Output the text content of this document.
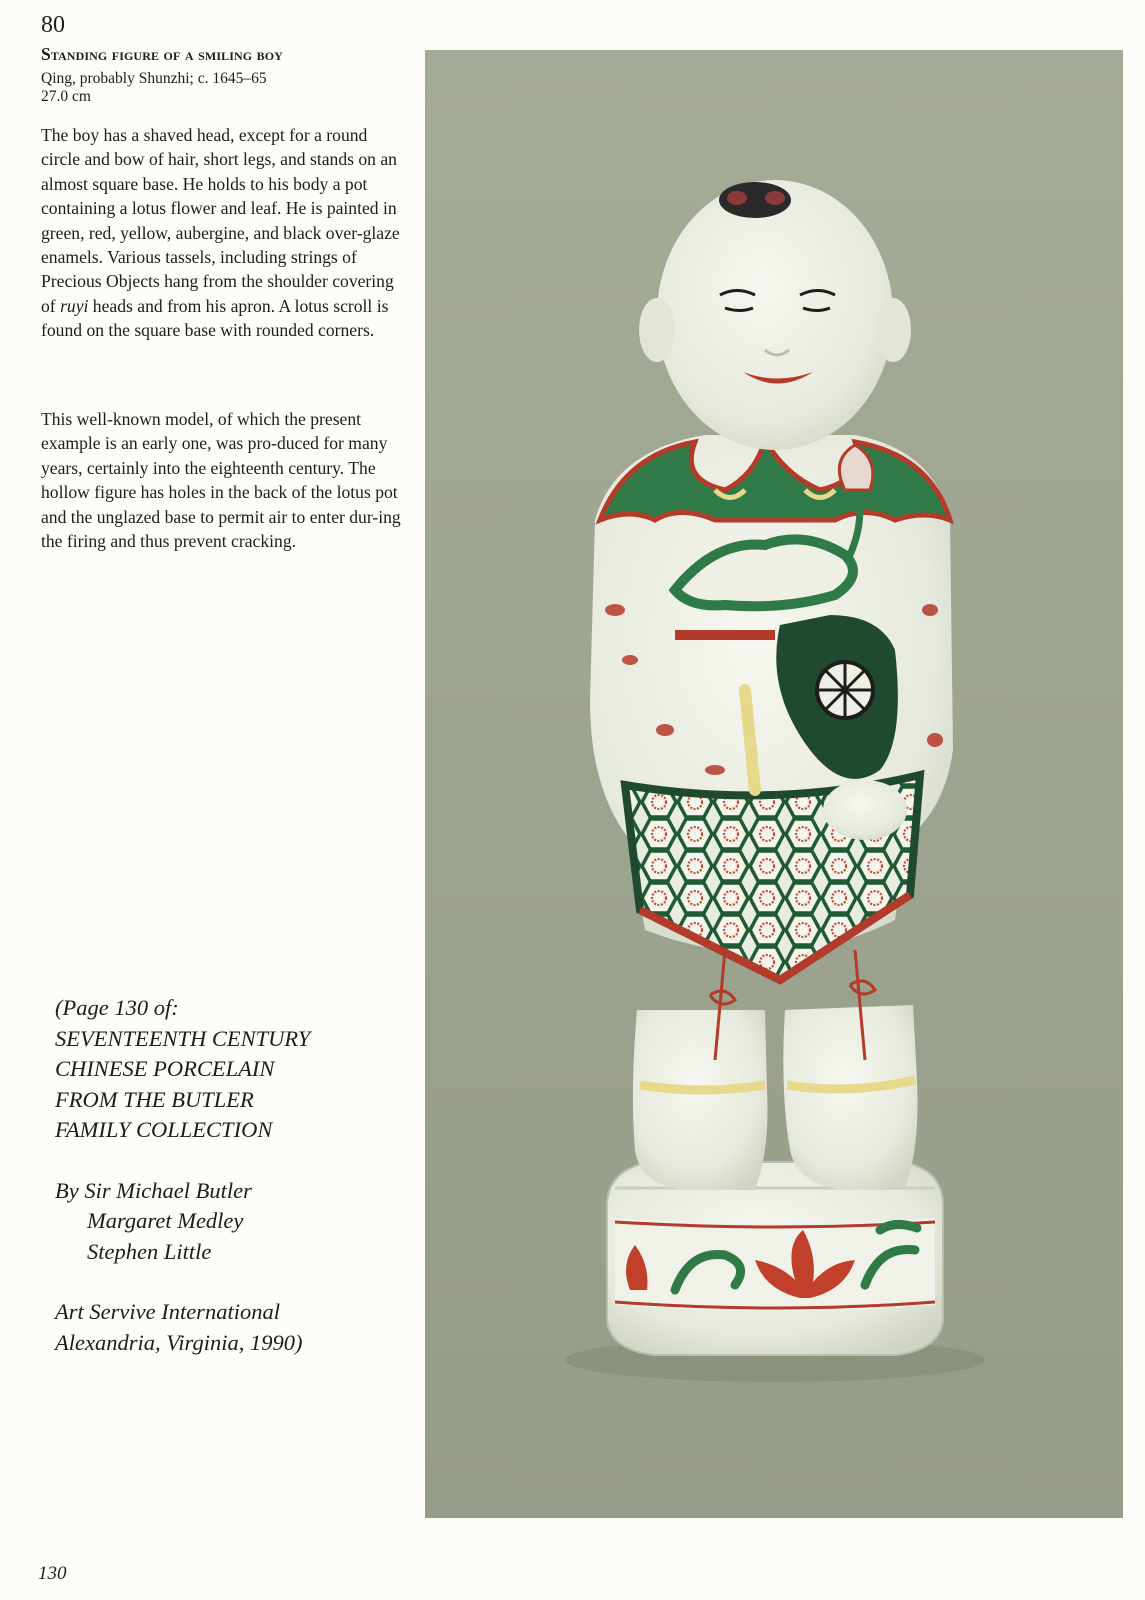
80
Standing figure of a smiling boy
Qing, probably Shunzhi; c. 1645–65
27.0 cm

The boy has a shaved head, except for a round circle and bow of hair, short legs, and stands on an almost square base. He holds to his body a pot containing a lotus flower and leaf. He is painted in green, red, yellow, aubergine, and black over-glaze enamels. Various tassels, including strings of Precious Objects hang from the shoulder covering of ruyi heads and from his apron. A lotus scroll is found on the square base with rounded corners.

This well-known model, of which the present example is an early one, was pro-duced for many years, certainly into the eighteenth century. The hollow figure has holes in the back of the lotus pot and the unglazed base to permit air to enter dur-ing the firing and thus prevent cracking.

(Page 130 of:
SEVENTEENTH CENTURY
CHINESE PORCELAIN
FROM THE BUTLER
FAMILY COLLECTION
By Sir Michael Butler
Margaret Medley
Stephen Little
Art Servive International
Alexandria, Virginia, 1990)
130
